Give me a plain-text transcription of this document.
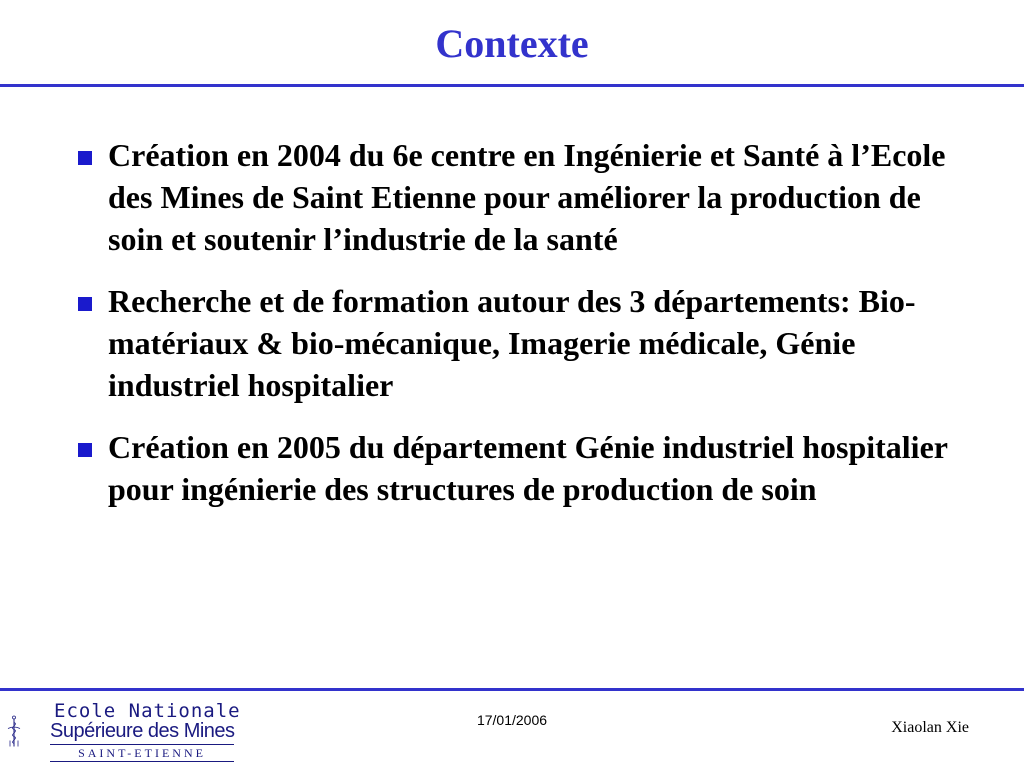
Contexte
Création en 2004 du 6e centre en Ingénierie et Santé à l’Ecole des Mines de Saint Etienne pour améliorer la production de soin et soutenir l’industrie de la santé
Recherche et de formation autour des 3 départements: Bio-matériaux & bio-mécanique, Imagerie médicale, Génie industriel hospitalier
Création en 2005 du département Génie industriel hospitalier pour ingénierie des structures de production de soin
Ecole Nationale
Supérieure des Mines
SAINT-ETIENNE
17/01/2006	Xiaolan Xie
